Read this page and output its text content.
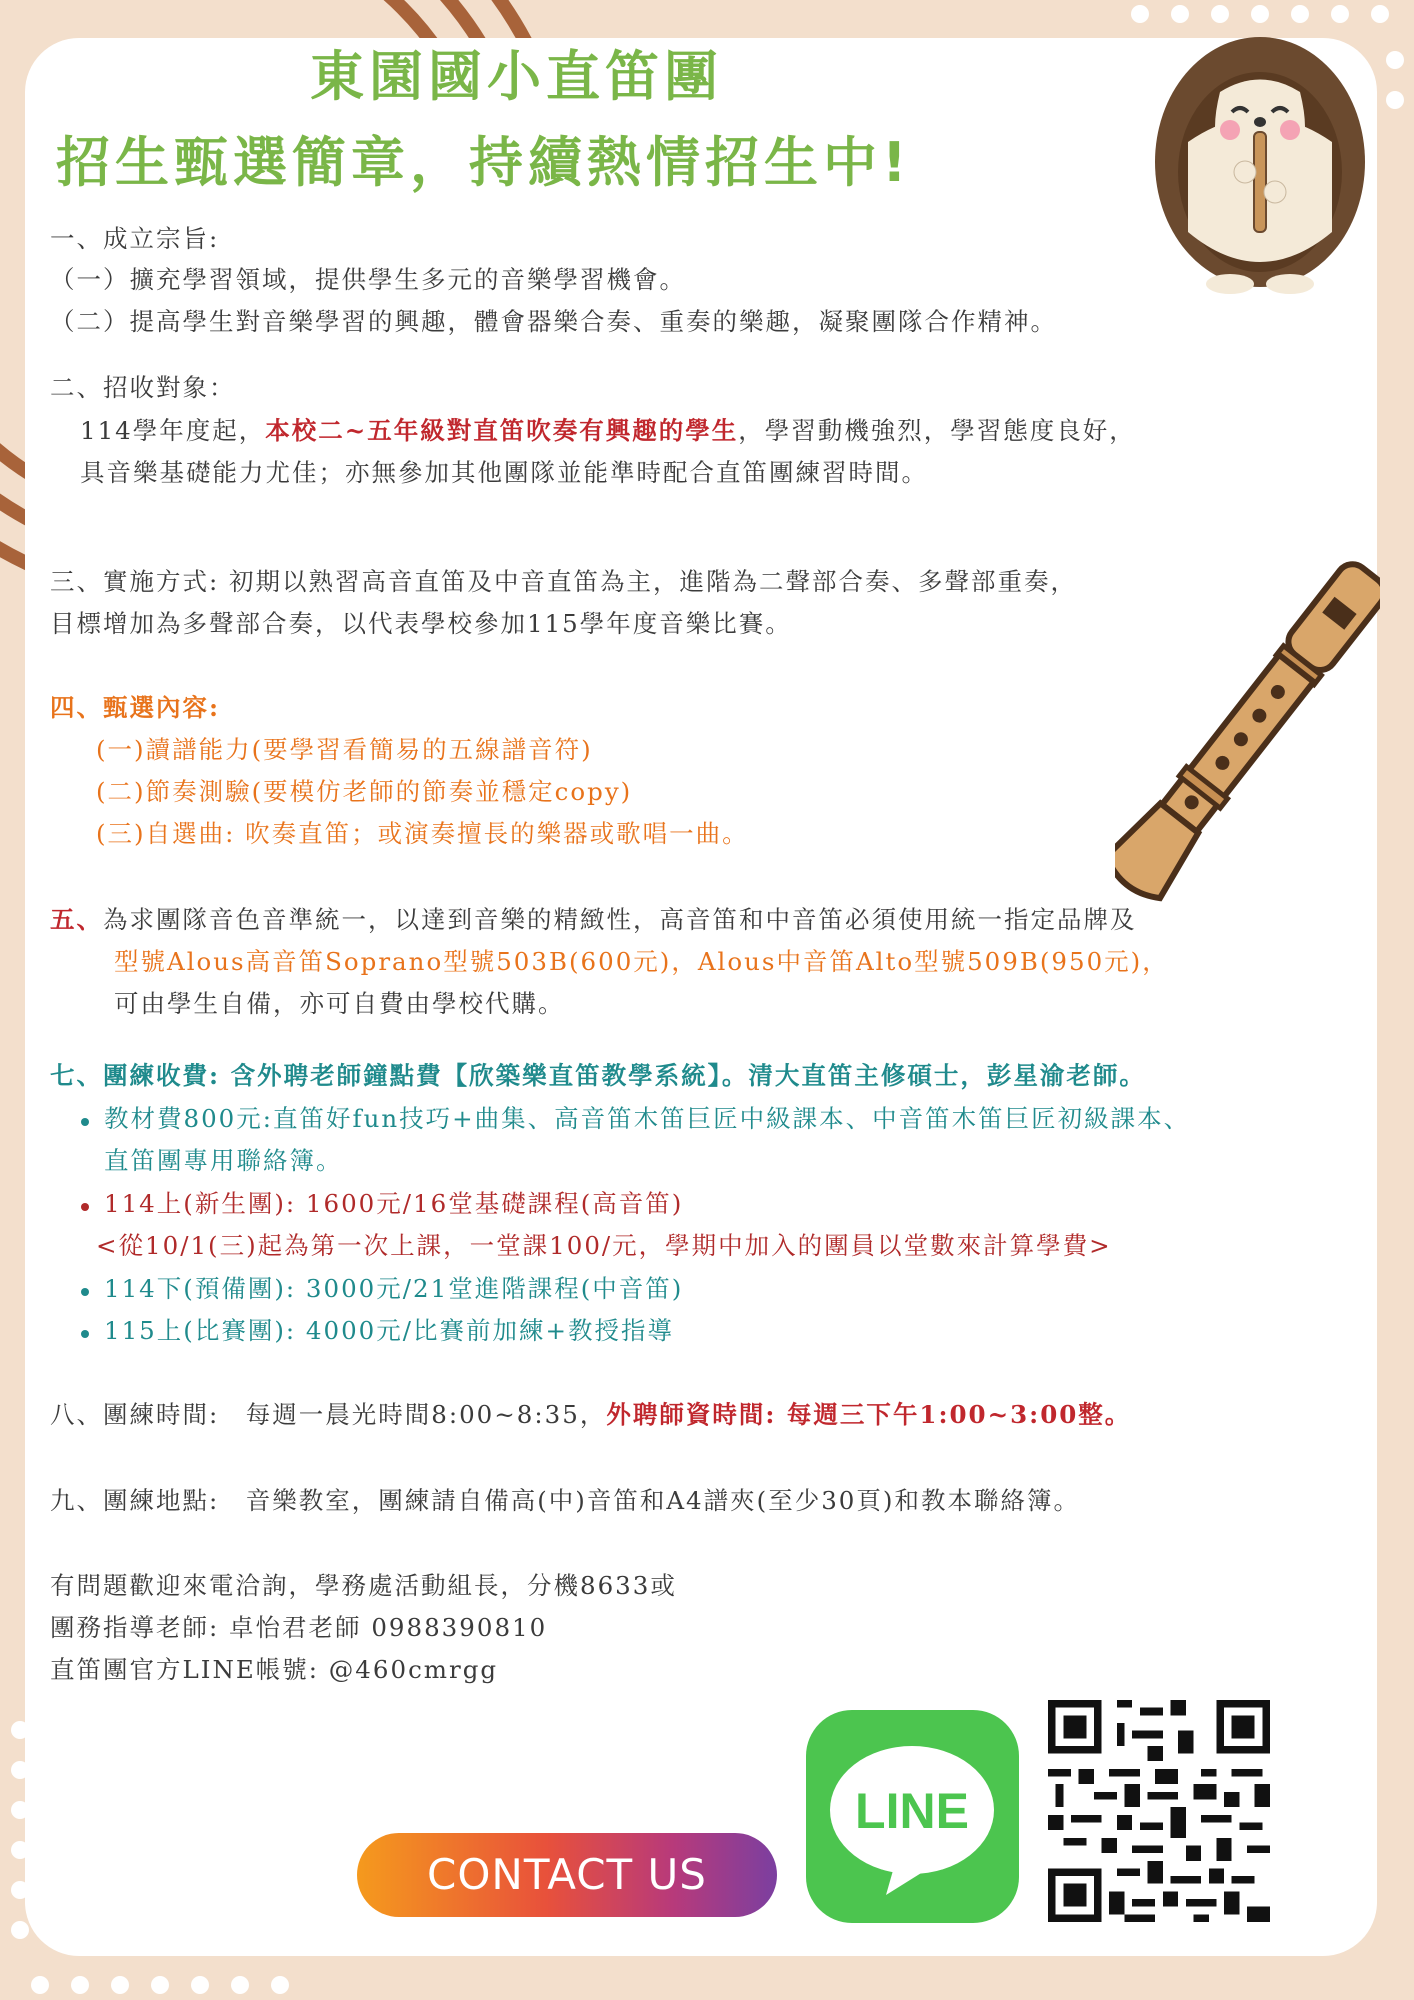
東園國小直笛團
招生甄選簡章，持續熱情招生中!
一、成立宗旨:
（一）擴充學習領域，提供學生多元的音樂學習機會。
（二）提高學生對音樂學習的興趣，體會器樂合奏、重奏的樂趣，凝聚團隊合作精神。
二、招收對象：
114學年度起，本校二~五年級對直笛吹奏有興趣的學生，學習動機強烈，學習態度良好，
具音樂基礎能力尤佳；亦無參加其他團隊並能準時配合直笛團練習時間。
三、實施方式: 初期以熟習高音直笛及中音直笛為主，進階為二聲部合奏、多聲部重奏，
目標增加為多聲部合奏，以代表學校參加115學年度音樂比賽。
四、甄選內容:
(一)讀譜能力(要學習看簡易的五線譜音符)
(二)節奏測驗(要模仿老師的節奏並穩定copy)
(三)自選曲: 吹奏直笛；或演奏擅長的樂器或歌唱一曲。
五、為求團隊音色音準統一，以達到音樂的精緻性，高音笛和中音笛必須使用統一指定品牌及
型號Alous高音笛Soprano型號503B(600元)，Alous中音笛Alto型號509B(950元)，
可由學生自備，亦可自費由學校代購。
七、團練收費: 含外聘老師鐘點費【欣築樂直笛教學系統】。清大直笛主修碩士，彭星渝老師。
教材費800元:直笛好fun技巧+曲集、高音笛木笛巨匠中級課本、中音笛木笛巨匠初級課本、
直笛團專用聯絡簿。
114上(新生團): 1600元/16堂基礎課程(高音笛)
<從10/1(三)起為第一次上課，一堂課100/元，學期中加入的團員以堂數來計算學費>
114下(預備團): 3000元/21堂進階課程(中音笛)
115上(比賽團): 4000元/比賽前加練+教授指導
八、團練時間:　每週一晨光時間8:00~8:35，外聘師資時間: 每週三下午1:00~3:00整。
九、團練地點:　音樂教室，團練請自備高(中)音笛和A4譜夾(至少30頁)和教本聯絡簿。
有問題歡迎來電洽詢，學務處活動組長，分機8633或
團務指導老師: 卓怡君老師 0988390810
直笛團官方LINE帳號: @460cmrgg
CONTACT US
LINE
